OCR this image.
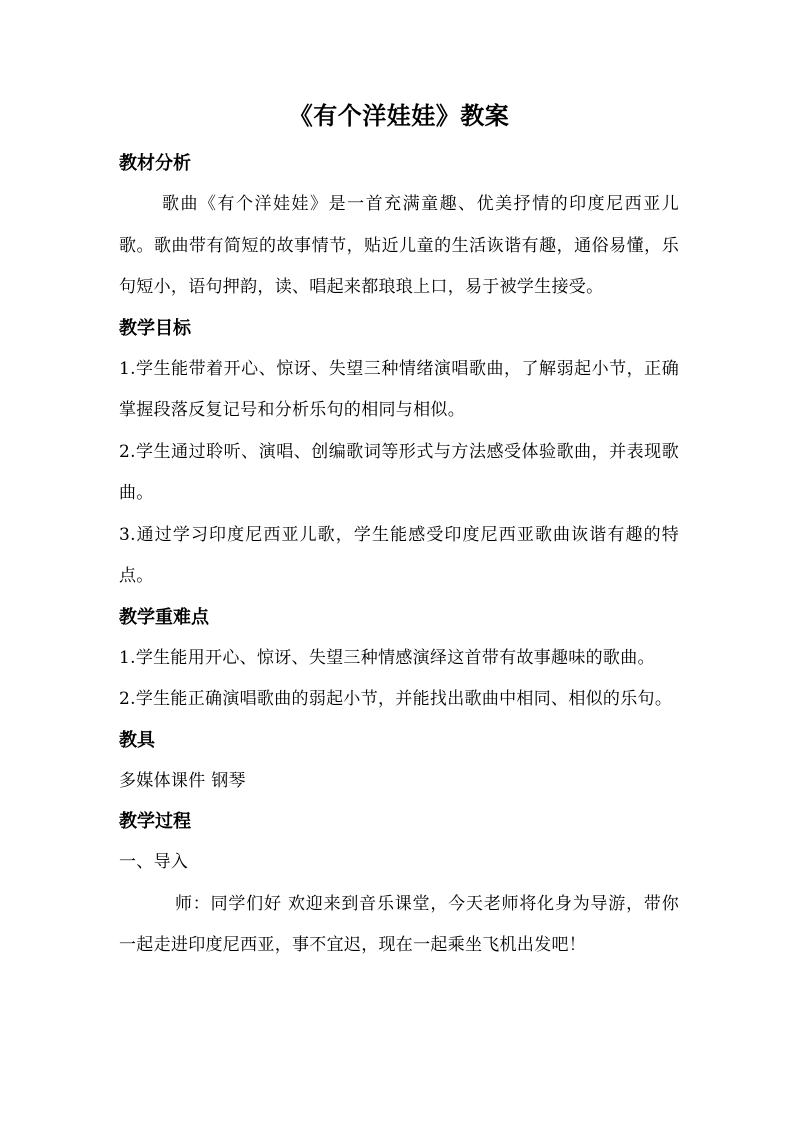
《有个洋娃娃》教案
教材分析

歌曲《有个洋娃娃》是一首充满童趣、优美抒情的印度尼西亚儿歌。歌曲带有简短的故事情节，贴近儿童的生活诙谐有趣，通俗易懂，乐句短小，语句押韵，读、唱起来都琅琅上口，易于被学生接受。

教学目标

1.学生能带着开心、惊讶、失望三种情绪演唱歌曲，了解弱起小节，正确掌握段落反复记号和分析乐句的相同与相似。

2.学生通过聆听、演唱、创编歌词等形式与方法感受体验歌曲，并表现歌曲。

3.通过学习印度尼西亚儿歌，学生能感受印度尼西亚歌曲诙谐有趣的特点。

教学重难点

1.学生能用开心、惊讶、失望三种情感演绎这首带有故事趣味的歌曲。

2.学生能正确演唱歌曲的弱起小节，并能找出歌曲中相同、相似的乐句。

教具

多媒体课件 钢琴

教学过程

一、导入

师：同学们好 欢迎来到音乐课堂，今天老师将化身为导游，带你一起走进印度尼西亚，事不宜迟，现在一起乘坐飞机出发吧！
